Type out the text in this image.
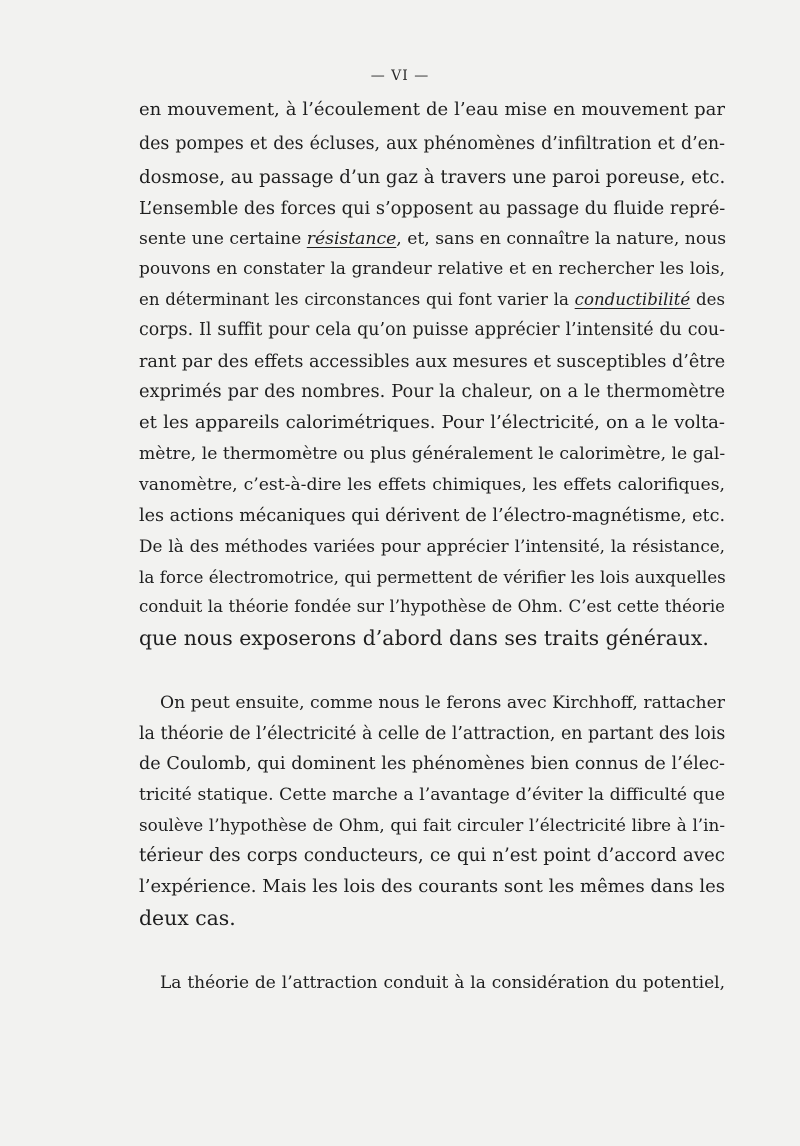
— VI —
en mouvement, à l’écoulement de l’eau mise en mouvement par
des pompes et des écluses, aux phénomènes d’infiltration et d’en-
dosmose, au passage d’un gaz à travers une paroi poreuse, etc.
L’ensemble des forces qui s’opposent au passage du fluide repré-
sente une certaine résistance, et, sans en connaître la nature, nous
pouvons en constater la grandeur relative et en rechercher les lois,
en déterminant les circonstances qui font varier la conductibilité des
corps. Il suffit pour cela qu’on puisse apprécier l’intensité du cou-
rant par des effets accessibles aux mesures et susceptibles d’être
exprimés par des nombres. Pour la chaleur, on a le thermomètre
et les appareils calorimétriques. Pour l’électricité, on a le volta-
mètre, le thermomètre ou plus généralement le calorimètre, le gal-
vanomètre, c’est-à-dire les effets chimiques, les effets calorifiques,
les actions mécaniques qui dérivent de l’électro-magnétisme, etc.
De là des méthodes variées pour apprécier l’intensité, la résistance,
la force électromotrice, qui permettent de vérifier les lois auxquelles
conduit la théorie fondée sur l’hypothèse de Ohm. C’est cette théorie
que nous exposerons d’abord dans ses traits généraux.
On peut ensuite, comme nous le ferons avec Kirchhoff, rattacher
la théorie de l’électricité à celle de l’attraction, en partant des lois
de Coulomb, qui dominent les phénomènes bien connus de l’élec-
tricité statique. Cette marche a l’avantage d’éviter la difficulté que
soulève l’hypothèse de Ohm, qui fait circuler l’électricité libre à l’in-
térieur des corps conducteurs, ce qui n’est point d’accord avec
l’expérience. Mais les lois des courants sont les mêmes dans les
deux cas.
La théorie de l’attraction conduit à la considération du potentiel,
